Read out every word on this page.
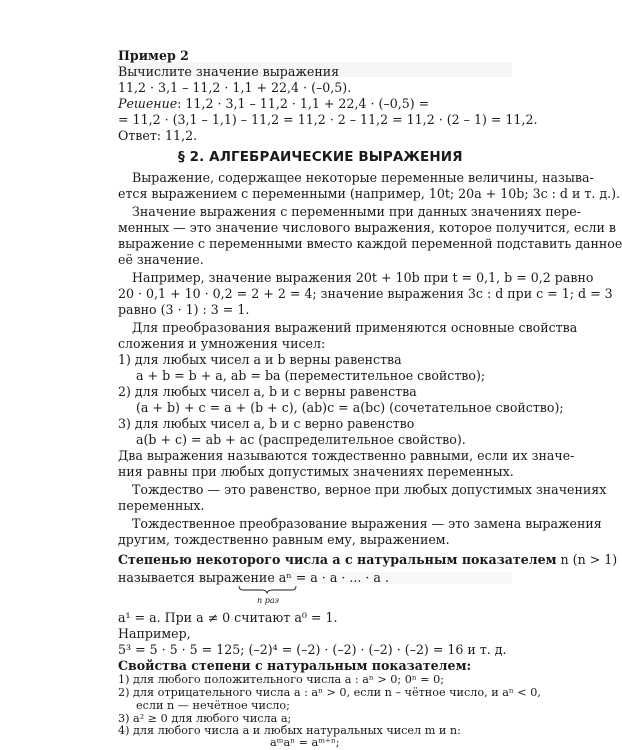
Пример 2
Вычислите значение выражения
11,2 · 3,1 – 11,2 · 1,1 + 22,4 · (–0,5).
Решение: 11,2 · 3,1 – 11,2 · 1,1 + 22,4 · (–0,5) =
= 11,2 · (3,1 – 1,1) – 11,2 = 11,2 · 2 – 11,2 = 11,2 · (2 – 1) = 11,2.
Ответ: 11,2.
§ 2. АЛГЕБРАИЧЕСКИЕ ВЫРАЖЕНИЯ
Выражение, содержащее некоторые переменные величины, называ-
ется выражением с переменными (например, 10t; 20a + 10b; 3c : d и т. д.).
Значение выражения с переменными при данных значениях пере-
менных — это значение числового выражения, которое получится, если в
выражение с переменными вместо каждой переменной подставить данное
её значение.
Например, значение выражения 20t + 10b при t = 0,1, b = 0,2 равно
20 · 0,1 + 10 · 0,2 = 2 + 2 = 4; значение выражения 3c : d при c = 1; d = 3
равно (3 · 1) : 3 = 1.
Для преобразования выражений применяются основные свойства
сложения и умножения чисел:
1) для любых чисел a и b верны равенства
a + b = b + a, ab = ba (переместительное свойство);
2) для любых чисел a, b и c верны равенства
(a + b) + c = a + (b + c), (ab)c = a(bc) (сочетательное свойство);
3) для любых чисел a, b и c верно равенство
a(b + c) = ab + ac (распределительное свойство).
Два выражения называются тождественно равными, если их значе-
ния равны при любых допустимых значениях переменных.
Тождество — это равенство, верное при любых допустимых значениях
переменных.
Тождественное преобразование выражения — это замена выражения
другим, тождественно равным ему, выражением.
Степенью некоторого числа a с натуральным показателем n (n > 1)
называется выражение aⁿ = a · a · ... · a .
n раз
a¹ = a. При a ≠ 0 считают a⁰ = 1.
Например,
5³ = 5 · 5 · 5 = 125; (–2)⁴ = (–2) · (–2) · (–2) · (–2) = 16 и т. д.
Свойства степени с натуральным показателем:
1) для любого положительного числа a : aⁿ > 0; 0ⁿ = 0;
2) для отрицательного числа a : aⁿ > 0, если n – чётное число, и aⁿ < 0,
если n — нечётное число;
3) a² ≥ 0 для любого числа a;
4) для любого числа a и любых натуральных чисел m и n:
aᵐaⁿ = aᵐ⁺ⁿ;
